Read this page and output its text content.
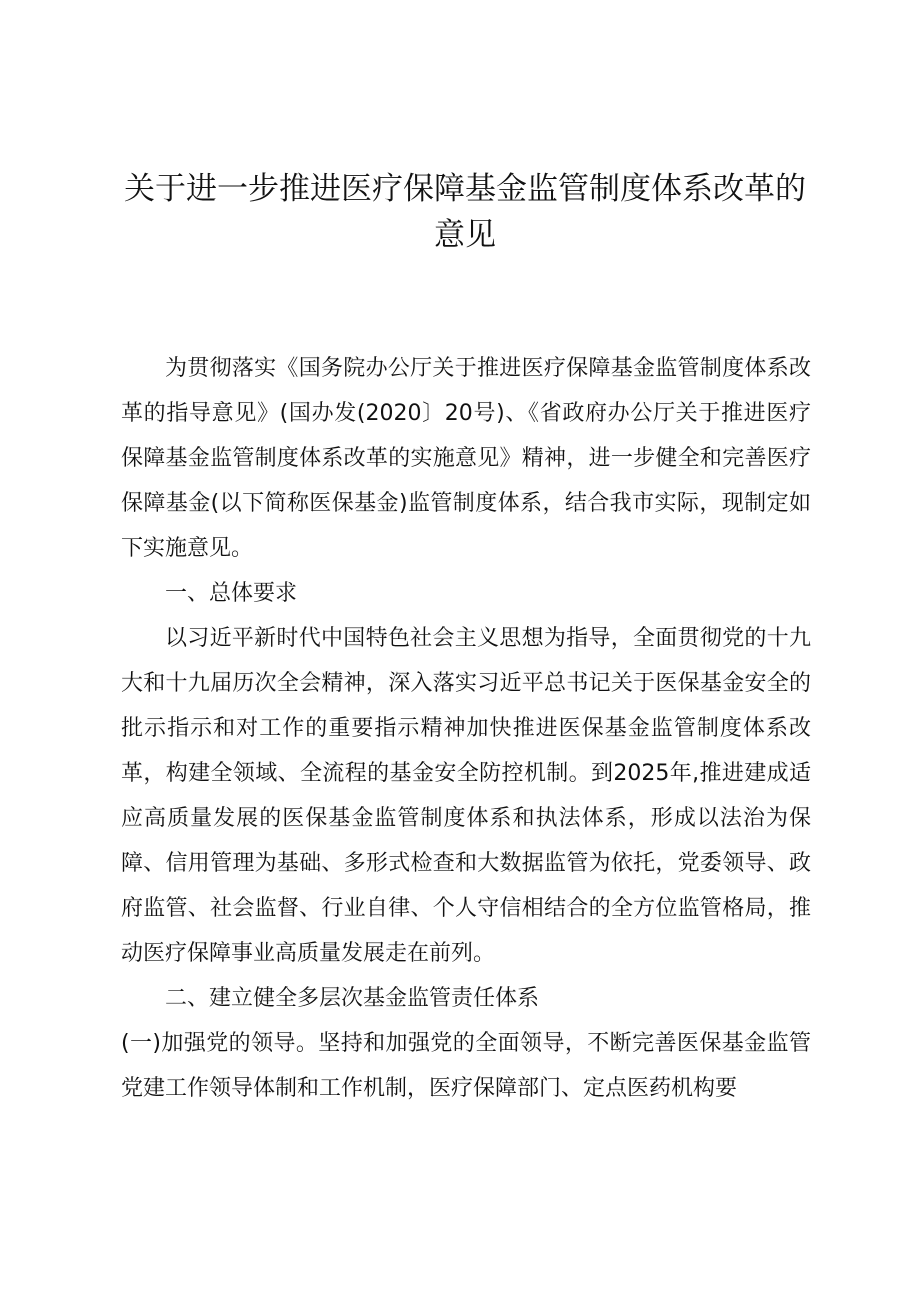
关于进一步推进医疗保障基金监管制度体系改革的意见

为贯彻落实《国务院办公厅关于推进医疗保障基金监管制度体系改革的指导意见》(国办发(2020〕20号)、《省政府办公厅关于推进医疗保障基金监管制度体系改革的实施意见》精神，进一步健全和完善医疗保障基金(以下简称医保基金)监管制度体系，结合我市实际，现制定如下实施意见。

一、总体要求

以习近平新时代中国特色社会主义思想为指导，全面贯彻党的十九大和十九届历次全会精神，深入落实习近平总书记关于医保基金安全的批示指示和对工作的重要指示精神加快推进医保基金监管制度体系改革，构建全领域、全流程的基金安全防控机制。到2025年,推进建成适应高质量发展的医保基金监管制度体系和执法体系，形成以法治为保障、信用管理为基础、多形式检查和大数据监管为依托，党委领导、政府监管、社会监督、行业自律、个人守信相结合的全方位监管格局，推动医疗保障事业高质量发展走在前列。

二、建立健全多层次基金监管责任体系

(一)加强党的领导。坚持和加强党的全面领导，不断完善医保基金监管党建工作领导体制和工作机制，医疗保障部门、定点医药机构要
